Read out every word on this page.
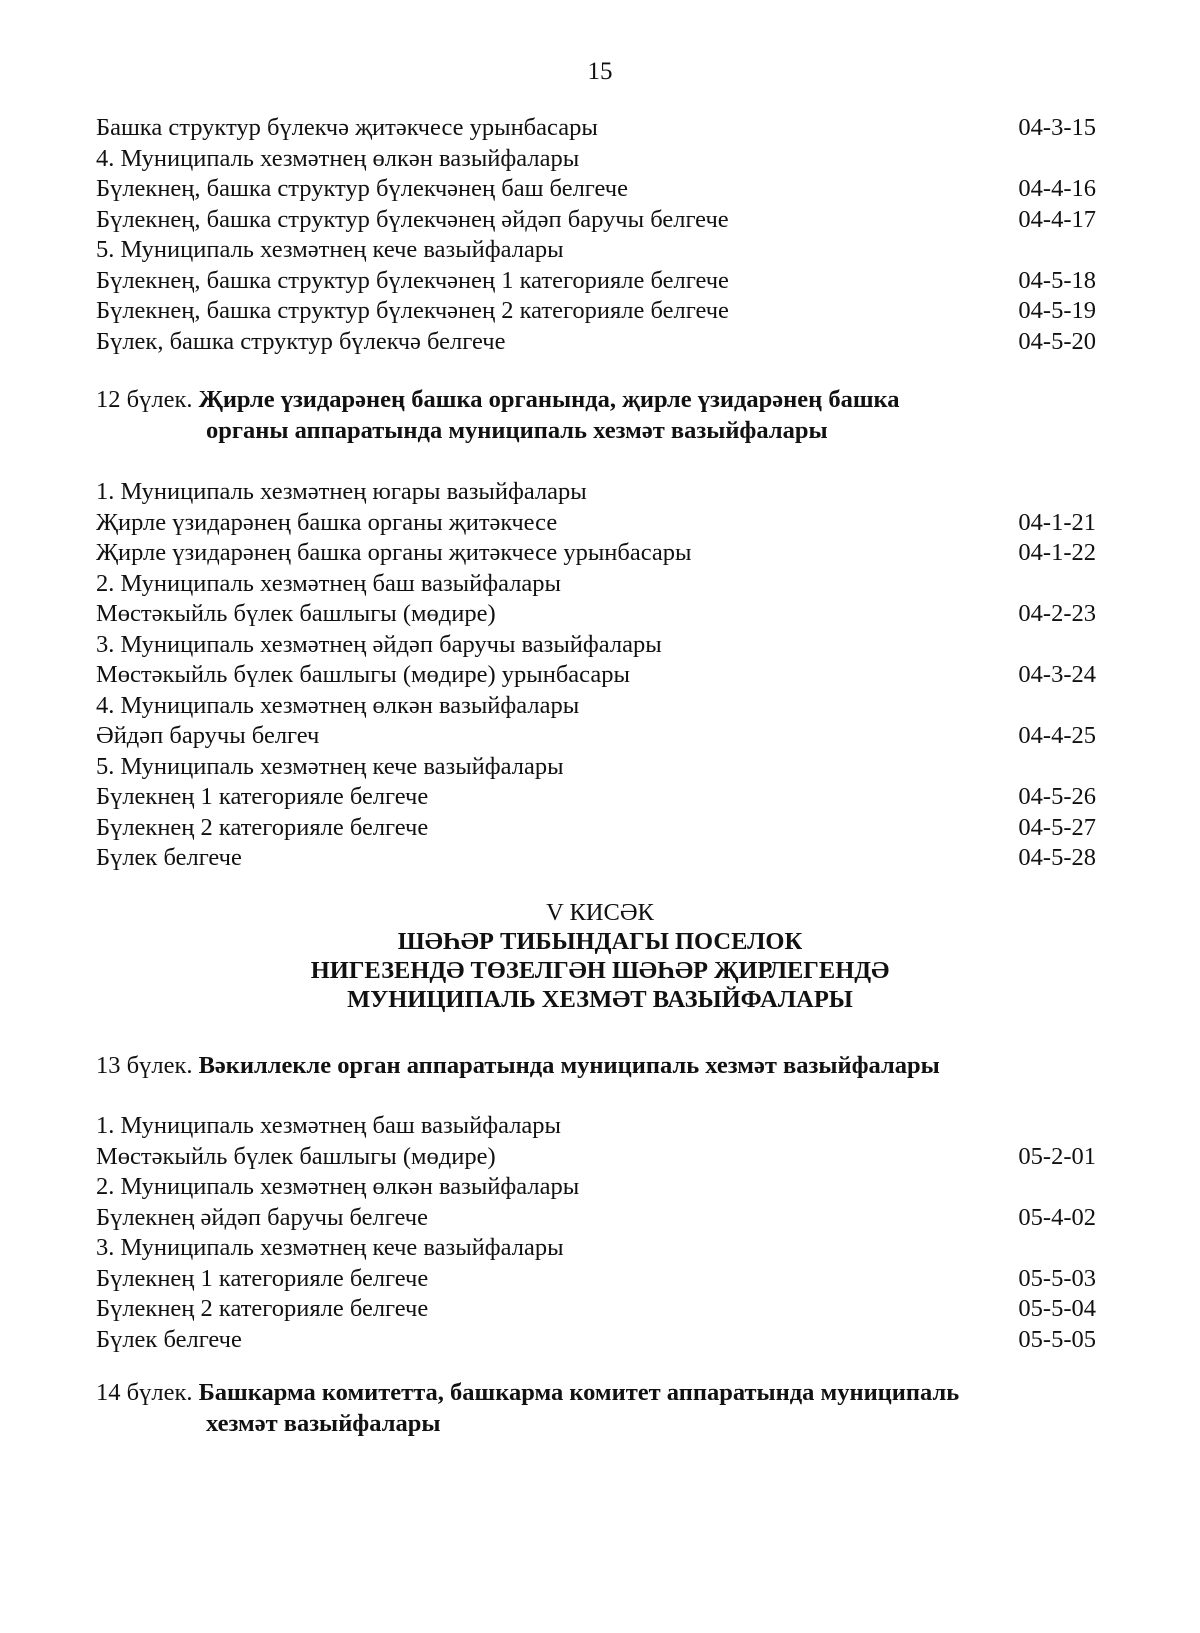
15
Башка структур бүлекчә җитәкчесе урынбасары	04-3-15
4. Муниципаль хезмәтнең өлкән вазыйфалары
Бүлекнең, башка структур бүлекчәнең баш белгече	04-4-16
Бүлекнең, башка структур бүлекчәнең әйдәп баручы белгече	04-4-17
5. Муниципаль хезмәтнең кече вазыйфалары
Бүлекнең, башка структур бүлекчәнең 1 категорияле белгече	04-5-18
Бүлекнең, башка структур бүлекчәнең 2 категорияле белгече	04-5-19
Бүлек, башка структур бүлекчә белгече	04-5-20
12 бүлек. Җирле үзидарәнең башка органында, җирле үзидарәнең башка
органы аппаратында муниципаль хезмәт вазыйфалары
1. Муниципаль хезмәтнең югары вазыйфалары
Җирле үзидарәнең башка органы җитәкчесе	04-1-21
Җирле үзидарәнең башка органы җитәкчесе урынбасары	04-1-22
2. Муниципаль хезмәтнең баш вазыйфалары
Мөстәкыйль бүлек башлыгы (мөдире)	04-2-23
3. Муниципаль хезмәтнең әйдәп баручы вазыйфалары
Мөстәкыйль бүлек башлыгы (мөдире) урынбасары	04-3-24
4. Муниципаль хезмәтнең өлкән вазыйфалары
Әйдәп баручы белгеч	04-4-25
5. Муниципаль хезмәтнең кече вазыйфалары
Бүлекнең 1 категорияле белгече	04-5-26
Бүлекнең 2 категорияле белгече	04-5-27
Бүлек белгече	04-5-28
V КИСӘК
ШӘҺӘР ТИБЫНДАГЫ ПОСЕЛОК
НИГЕЗЕНДӘ ТӨЗЕЛГӘН ШӘҺӘР ҖИРЛЕГЕНДӘ
МУНИЦИПАЛЬ ХЕЗМӘТ ВАЗЫЙФАЛАРЫ
13 бүлек. Вәкиллекле орган аппаратында муниципаль хезмәт вазыйфалары
1. Муниципаль хезмәтнең баш вазыйфалары
Мөстәкыйль бүлек башлыгы (мөдире)	05-2-01
2. Муниципаль хезмәтнең өлкән вазыйфалары
Бүлекнең әйдәп баручы белгече	05-4-02
3. Муниципаль хезмәтнең кече вазыйфалары
Бүлекнең 1 категорияле белгече	05-5-03
Бүлекнең 2 категорияле белгече	05-5-04
Бүлек белгече	05-5-05
14 бүлек. Башкарма комитетта, башкарма комитет аппаратында муниципаль
хезмәт вазыйфалары
